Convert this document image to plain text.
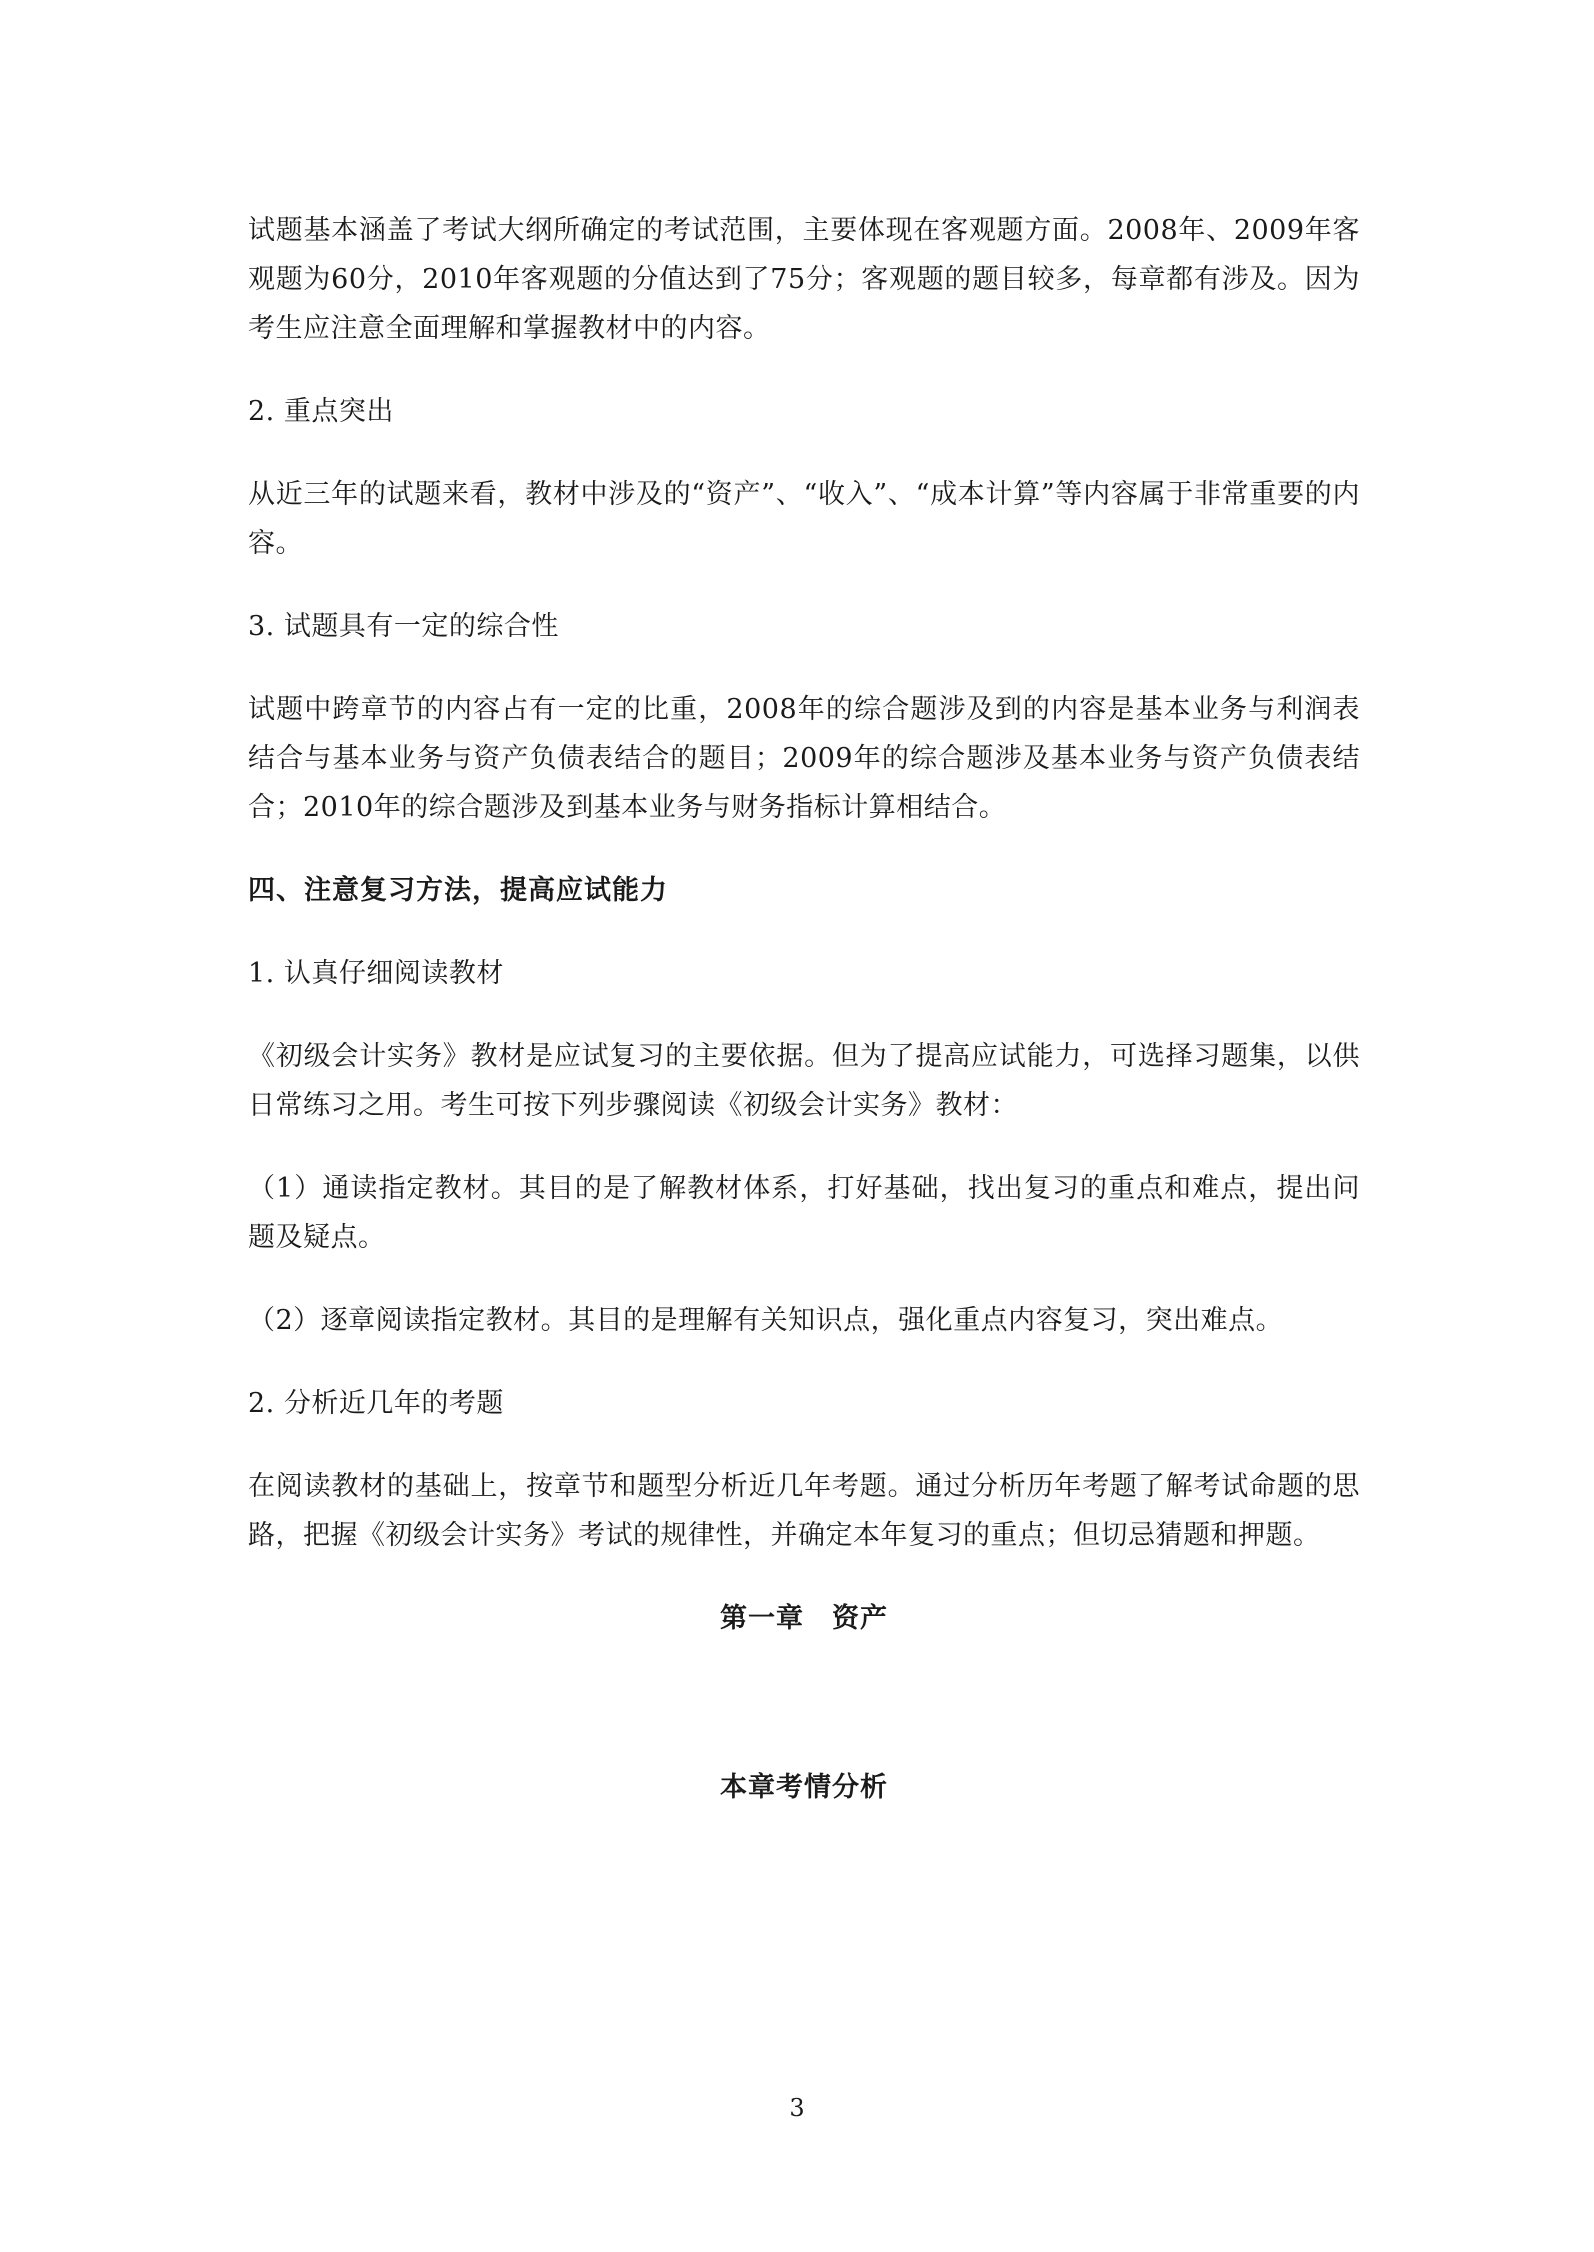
试题基本涵盖了考试大纲所确定的考试范围，主要体现在客观题方面。2008年、2009年客观题为60分，2010年客观题的分值达到了75分；客观题的题目较多，每章都有涉及。因为考生应注意全面理解和掌握教材中的内容。

2. 重点突出

从近三年的试题来看，教材中涉及的“资产”、“收入”、“成本计算”等内容属于非常重要的内容。

3. 试题具有一定的综合性

试题中跨章节的内容占有一定的比重，2008年的综合题涉及到的内容是基本业务与利润表结合与基本业务与资产负债表结合的题目；2009年的综合题涉及基本业务与资产负债表结合；2010年的综合题涉及到基本业务与财务指标计算相结合。

四、注意复习方法，提高应试能力

1. 认真仔细阅读教材

《初级会计实务》教材是应试复习的主要依据。但为了提高应试能力，可选择习题集，以供日常练习之用。考生可按下列步骤阅读《初级会计实务》教材：

（1）通读指定教材。其目的是了解教材体系，打好基础，找出复习的重点和难点，提出问题及疑点。

（2）逐章阅读指定教材。其目的是理解有关知识点，强化重点内容复习，突出难点。

2. 分析近几年的考题

在阅读教材的基础上，按章节和题型分析近几年考题。通过分析历年考题了解考试命题的思路，把握《初级会计实务》考试的规律性，并确定本年复习的重点；但切忌猜题和押题。

第一章　资产
本章考情分析
3
